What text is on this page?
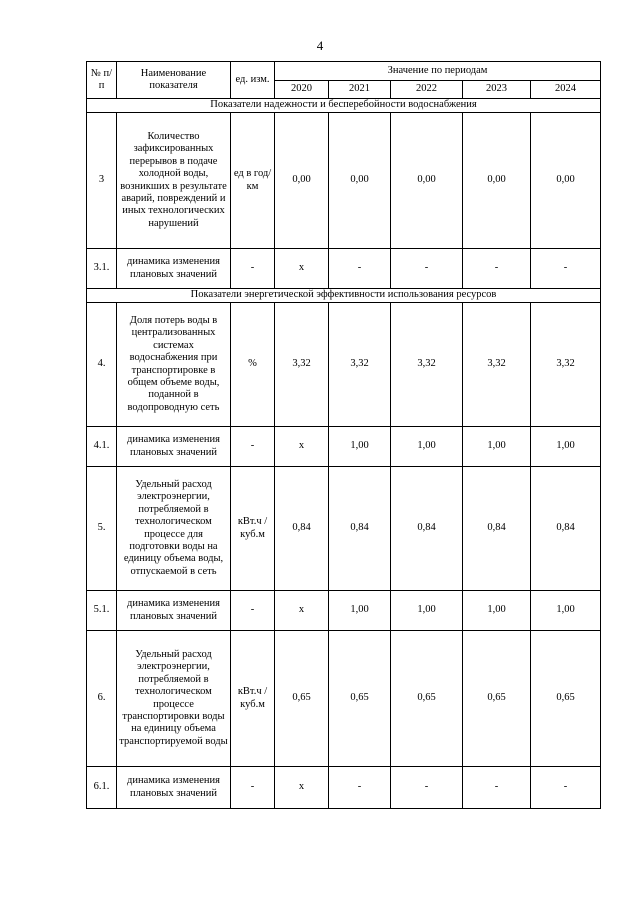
4
№ п/п	Наименование показателя	ед. изм.	Значение по периодам				
			2020	2021	2022	2023	2024
Показатели надежности и бесперебойности водоснабжения							
3	Количество зафиксированных перерывов в подаче холодной воды, возникших в результате аварий, повреждений и иных технологических нарушений	ед в год/ км	0,00	0,00	0,00	0,00	0,00
3.1.	динамика изменения плановых значений	-	x	-	-	-	-
Показатели энергетической эффективности использования ресурсов							
4.	Доля потерь воды в централизованных системах водоснабжения при транспортировке в общем объеме воды, поданной в водопроводную сеть	%	3,32	3,32	3,32	3,32	3,32
4.1.	динамика изменения плановых значений	-	x	1,00	1,00	1,00	1,00
5.	Удельный расход электроэнергии, потребляемой в технологическом процессе для подготовки воды на единицу объема воды, отпускаемой в сеть	кВт.ч / куб.м	0,84	0,84	0,84	0,84	0,84
5.1.	динамика изменения плановых значений	-	x	1,00	1,00	1,00	1,00
6.	Удельный расход электроэнергии, потребляемой в технологическом процессе транспортировки воды на единицу объема транспортируемой воды	кВт.ч / куб.м	0,65	0,65	0,65	0,65	0,65
6.1.	динамика изменения плановых значений	-	x	-	-	-	-
